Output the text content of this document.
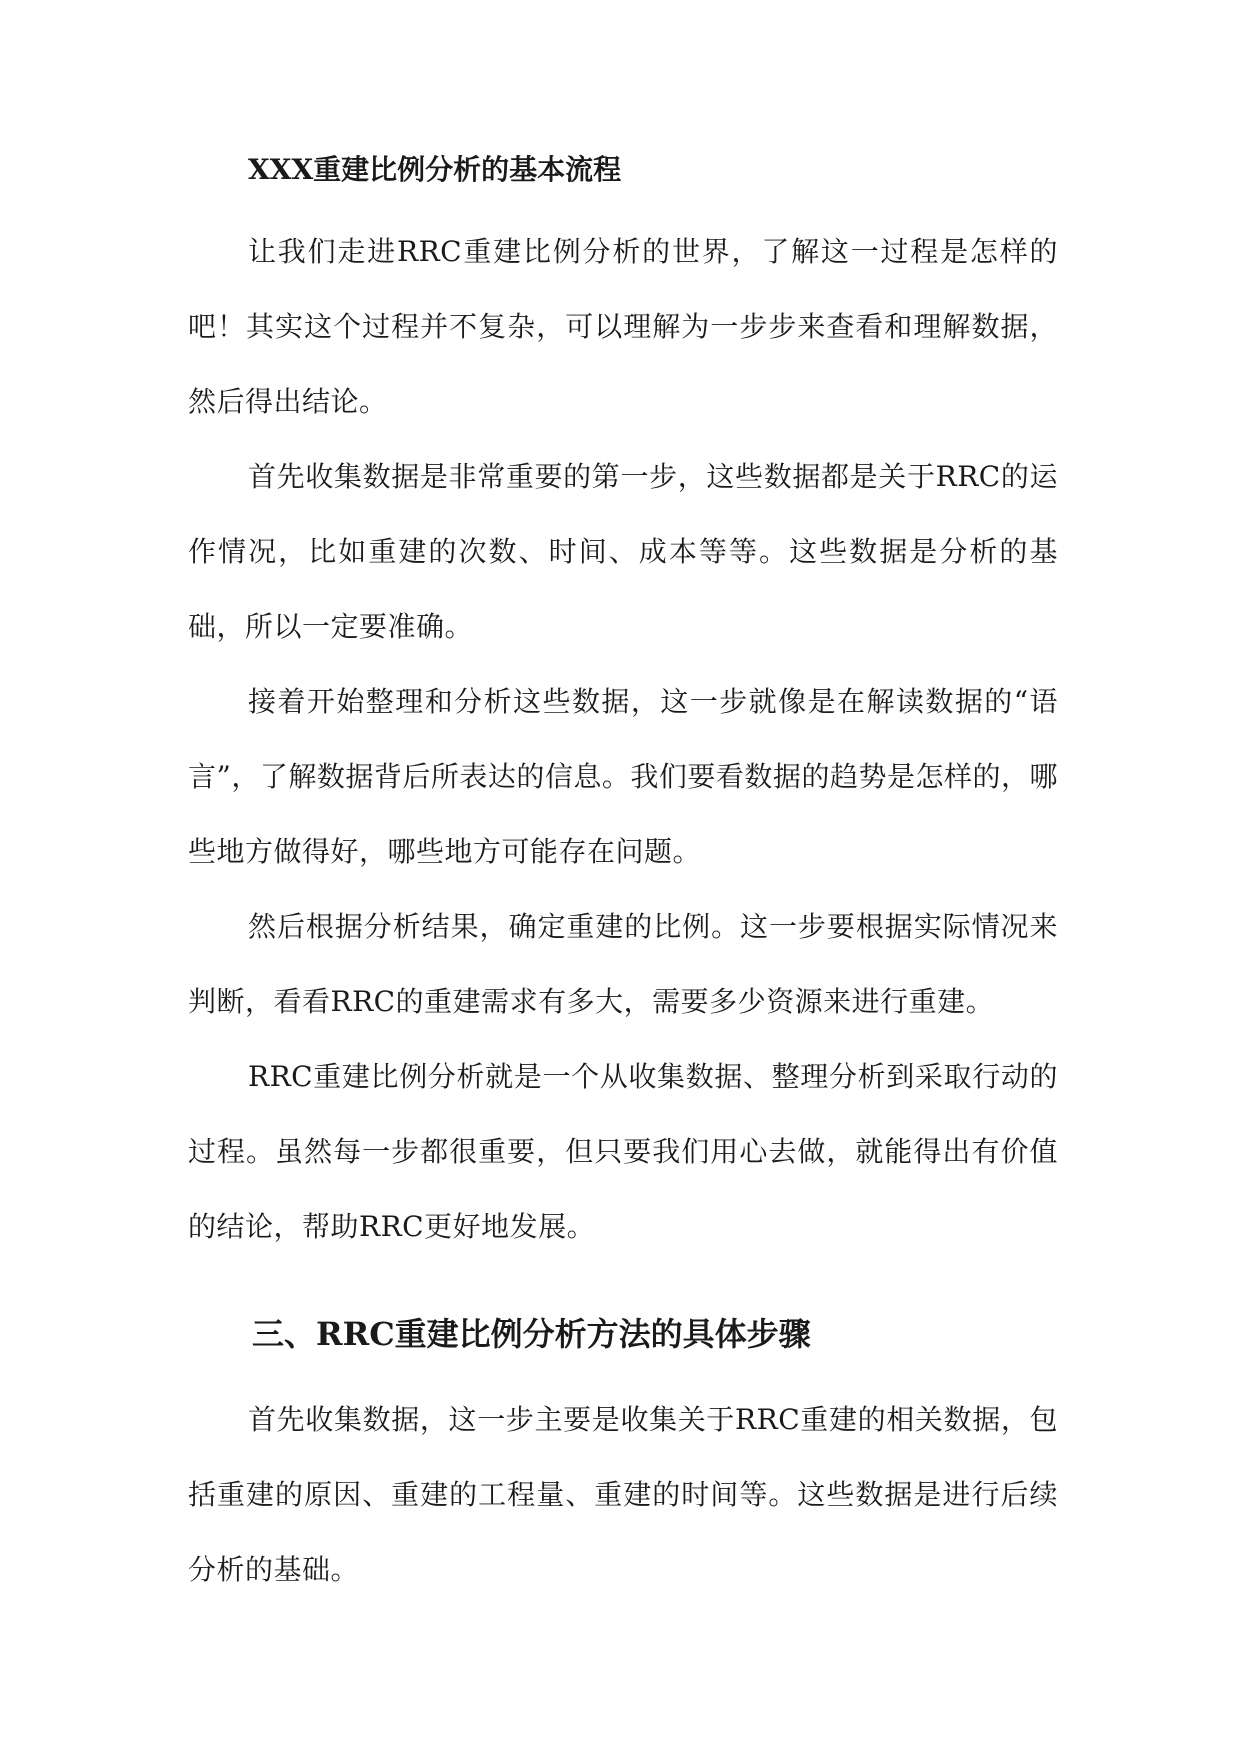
XXX重建比例分析的基本流程

让我们走进RRC重建比例分析的世界，了解这一过程是怎样的吧！其实这个过程并不复杂，可以理解为一步步来查看和理解数据，然后得出结论。

首先收集数据是非常重要的第一步，这些数据都是关于RRC的运作情况，比如重建的次数、时间、成本等等。这些数据是分析的基础，所以一定要准确。

接着开始整理和分析这些数据，这一步就像是在解读数据的“语言”，了解数据背后所表达的信息。我们要看数据的趋势是怎样的，哪些地方做得好，哪些地方可能存在问题。

然后根据分析结果，确定重建的比例。这一步要根据实际情况来判断，看看RRC的重建需求有多大，需要多少资源来进行重建。

RRC重建比例分析就是一个从收集数据、整理分析到采取行动的过程。虽然每一步都很重要，但只要我们用心去做，就能得出有价值的结论，帮助RRC更好地发展。

三、RRC重建比例分析方法的具体步骤

首先收集数据，这一步主要是收集关于RRC重建的相关数据，包括重建的原因、重建的工程量、重建的时间等。这些数据是进行后续分析的基础。
